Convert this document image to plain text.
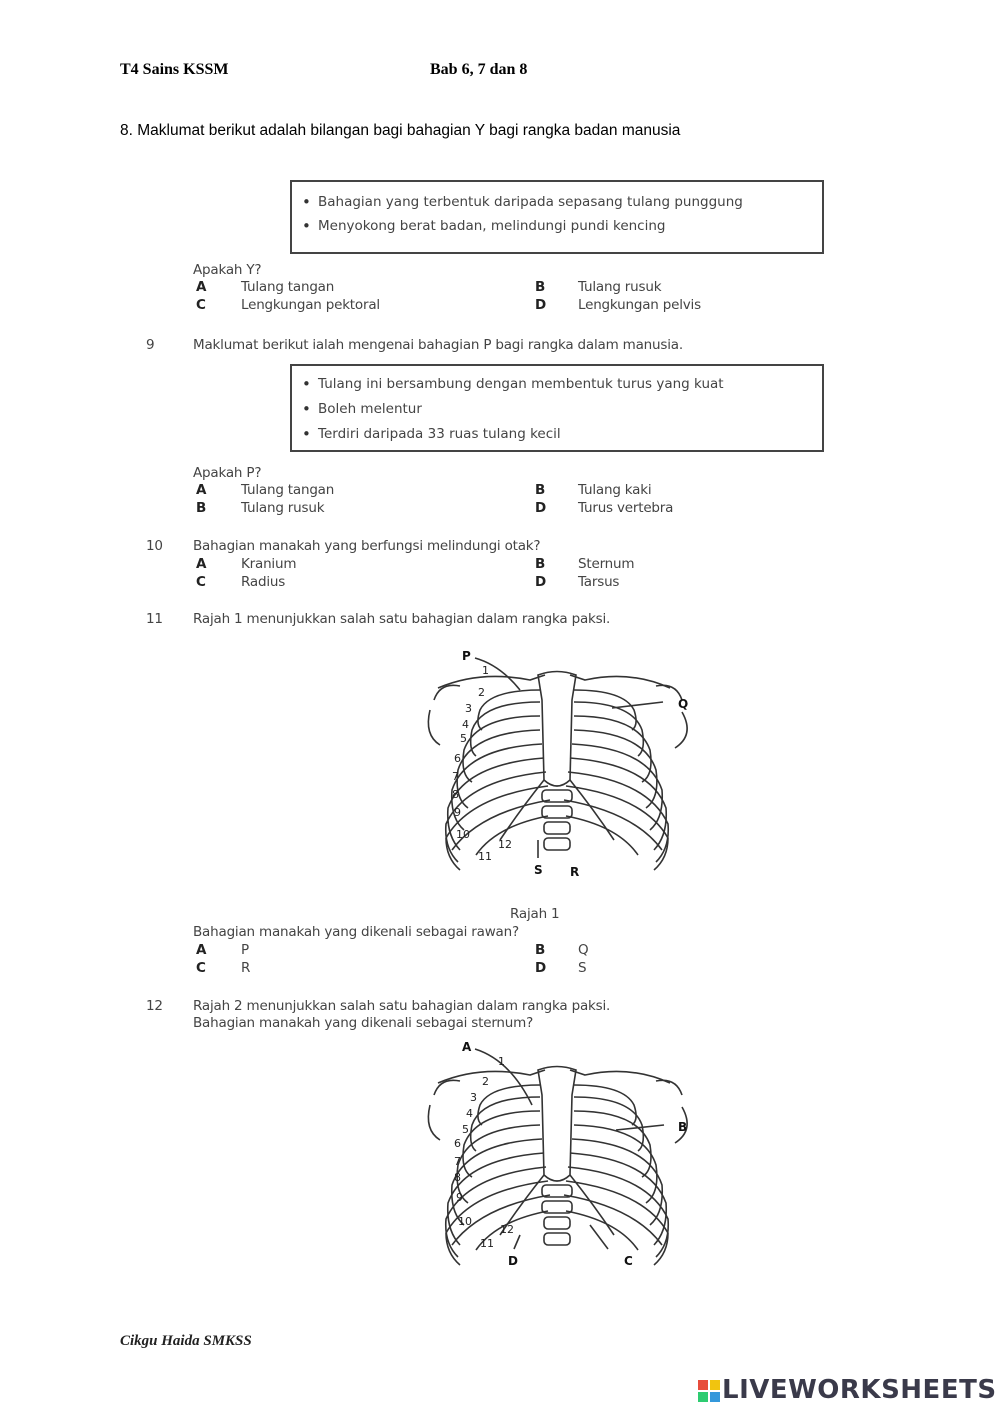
T4 Sains KSSM	Bab 6, 7 dan 8
8. Maklumat berikut adalah bilangan bagi bahagian Y bagi rangka badan manusia
• Bahagian yang terbentuk daripada sepasang tulang punggung
• Menyokong berat badan, melindungi pundi kencing
Apakah Y?
A	Tulang tangan	B Tulang rusuk
C	Lengkungan pektoral	D Lengkungan pelvis
9	Maklumat berikut ialah mengenai bahagian P bagi rangka dalam manusia.
• Tulang ini bersambung dengan membentuk turus yang kuat
• Boleh melentur
• Terdiri daripada 33 ruas tulang kecil
Apakah P?
A	Tulang tangan	B Tulang kaki
B	Tulang rusuk	D Turus vertebra
10 Bahagian manakah yang berfungsi melindungi otak?
A	Kranium	B Sternum
C	Radius	D Tarsus
11 Rajah 1 menunjukkan salah satu bahagian dalam rangka paksi.
1
2
3
4
5
6
7
8
9
10
11
12
P
Q
S R
Rajah 1
Bahagian manakah yang dikenali sebagai rawan?
A	P	B Q
C	R	D S
12 Rajah 2 menunjukkan salah satu bahagian dalam rangka paksi.
Bahagian manakah yang dikenali sebagai sternum?
1
2
3
4
5
6
7
8
9
10
11
12
A
B
C
D
Cikgu Haida SMKSS
LIVEWORKSHEETS
